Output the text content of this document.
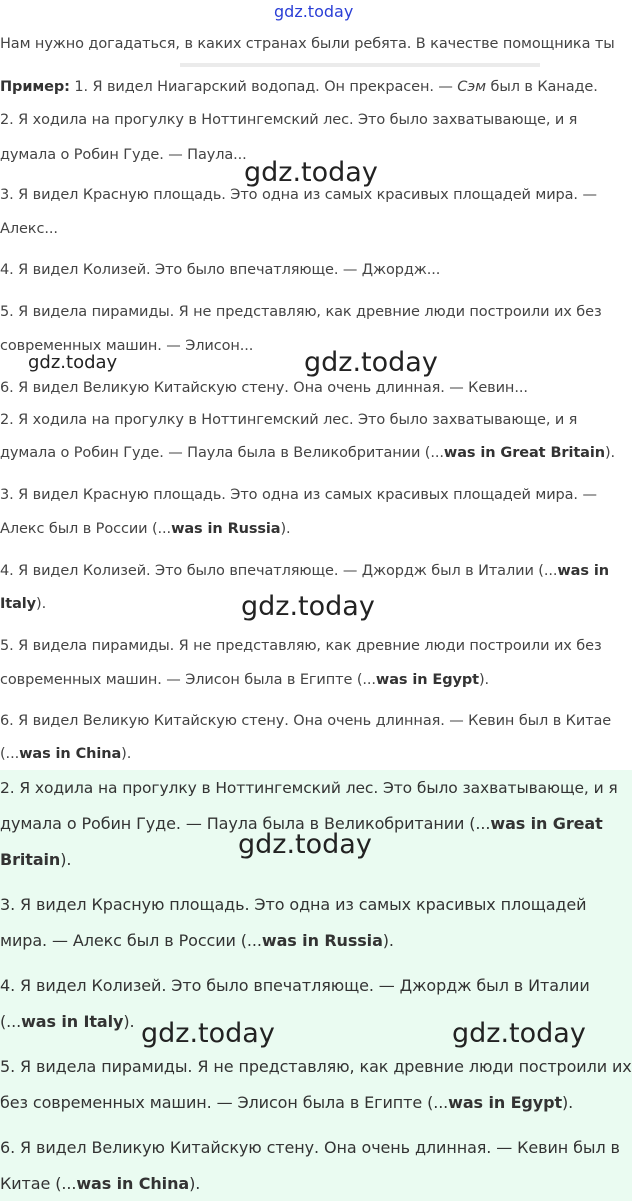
gdz.today
Нам нужно догадаться, в каких странах были ребята. В качестве помощника ты
Пример: 1. Я видел Ниагарский водопад. Он прекрасен. — Сэм был в Канаде.
2. Я ходила на прогулку в Ноттингемский лес. Это было захватывающе, и я
думала о Робин Гуде. — Паула...
gdz.today
3. Я видел Красную площадь. Это одна из самых красивых площадей мира. —
Алекс...
4. Я видел Колизей. Это было впечатляюще. — Джордж...
5. Я видела пирамиды. Я не представляю, как древние люди построили их без
современных машин. — Элисон...
gdz.today	gdz.today
6. Я видел Великую Китайскую стену. Она очень длинная. — Кевин...
2. Я ходила на прогулку в Ноттингемский лес. Это было захватывающе, и я
думала о Робин Гуде. — Паула была в Великобритании (...was in Great Britain).
3. Я видел Красную площадь. Это одна из самых красивых площадей мира. —
Алекс был в России (...was in Russia).
4. Я видел Колизей. Это было впечатляюще. — Джордж был в Италии (...was in
Italy).	gdz.today
5. Я видела пирамиды. Я не представляю, как древние люди построили их без
современных машин. — Элисон была в Египте (...was in Egypt).
6. Я видел Великую Китайскую стену. Она очень длинная. — Кевин был в Китае
(...was in China).
2. Я ходила на прогулку в Ноттингемский лес. Это было захватывающе, и я
думала о Робин Гуде. — Паула была в Великобритании (...was in Great
Britain).
3. Я видел Красную площадь. Это одна из самых красивых площадей
мира. — Алекс был в России (...was in Russia).
4. Я видел Колизей. Это было впечатляюще. — Джордж был в Италии
(...was in Italy).
5. Я видела пирамиды. Я не представляю, как древние люди построили их
без современных машин. — Элисон была в Египте (...was in Egypt).
6. Я видел Великую Китайскую стену. Она очень длинная. — Кевин был в
Китае (...was in China).
gdz.today
gdz.today	gdz.today
